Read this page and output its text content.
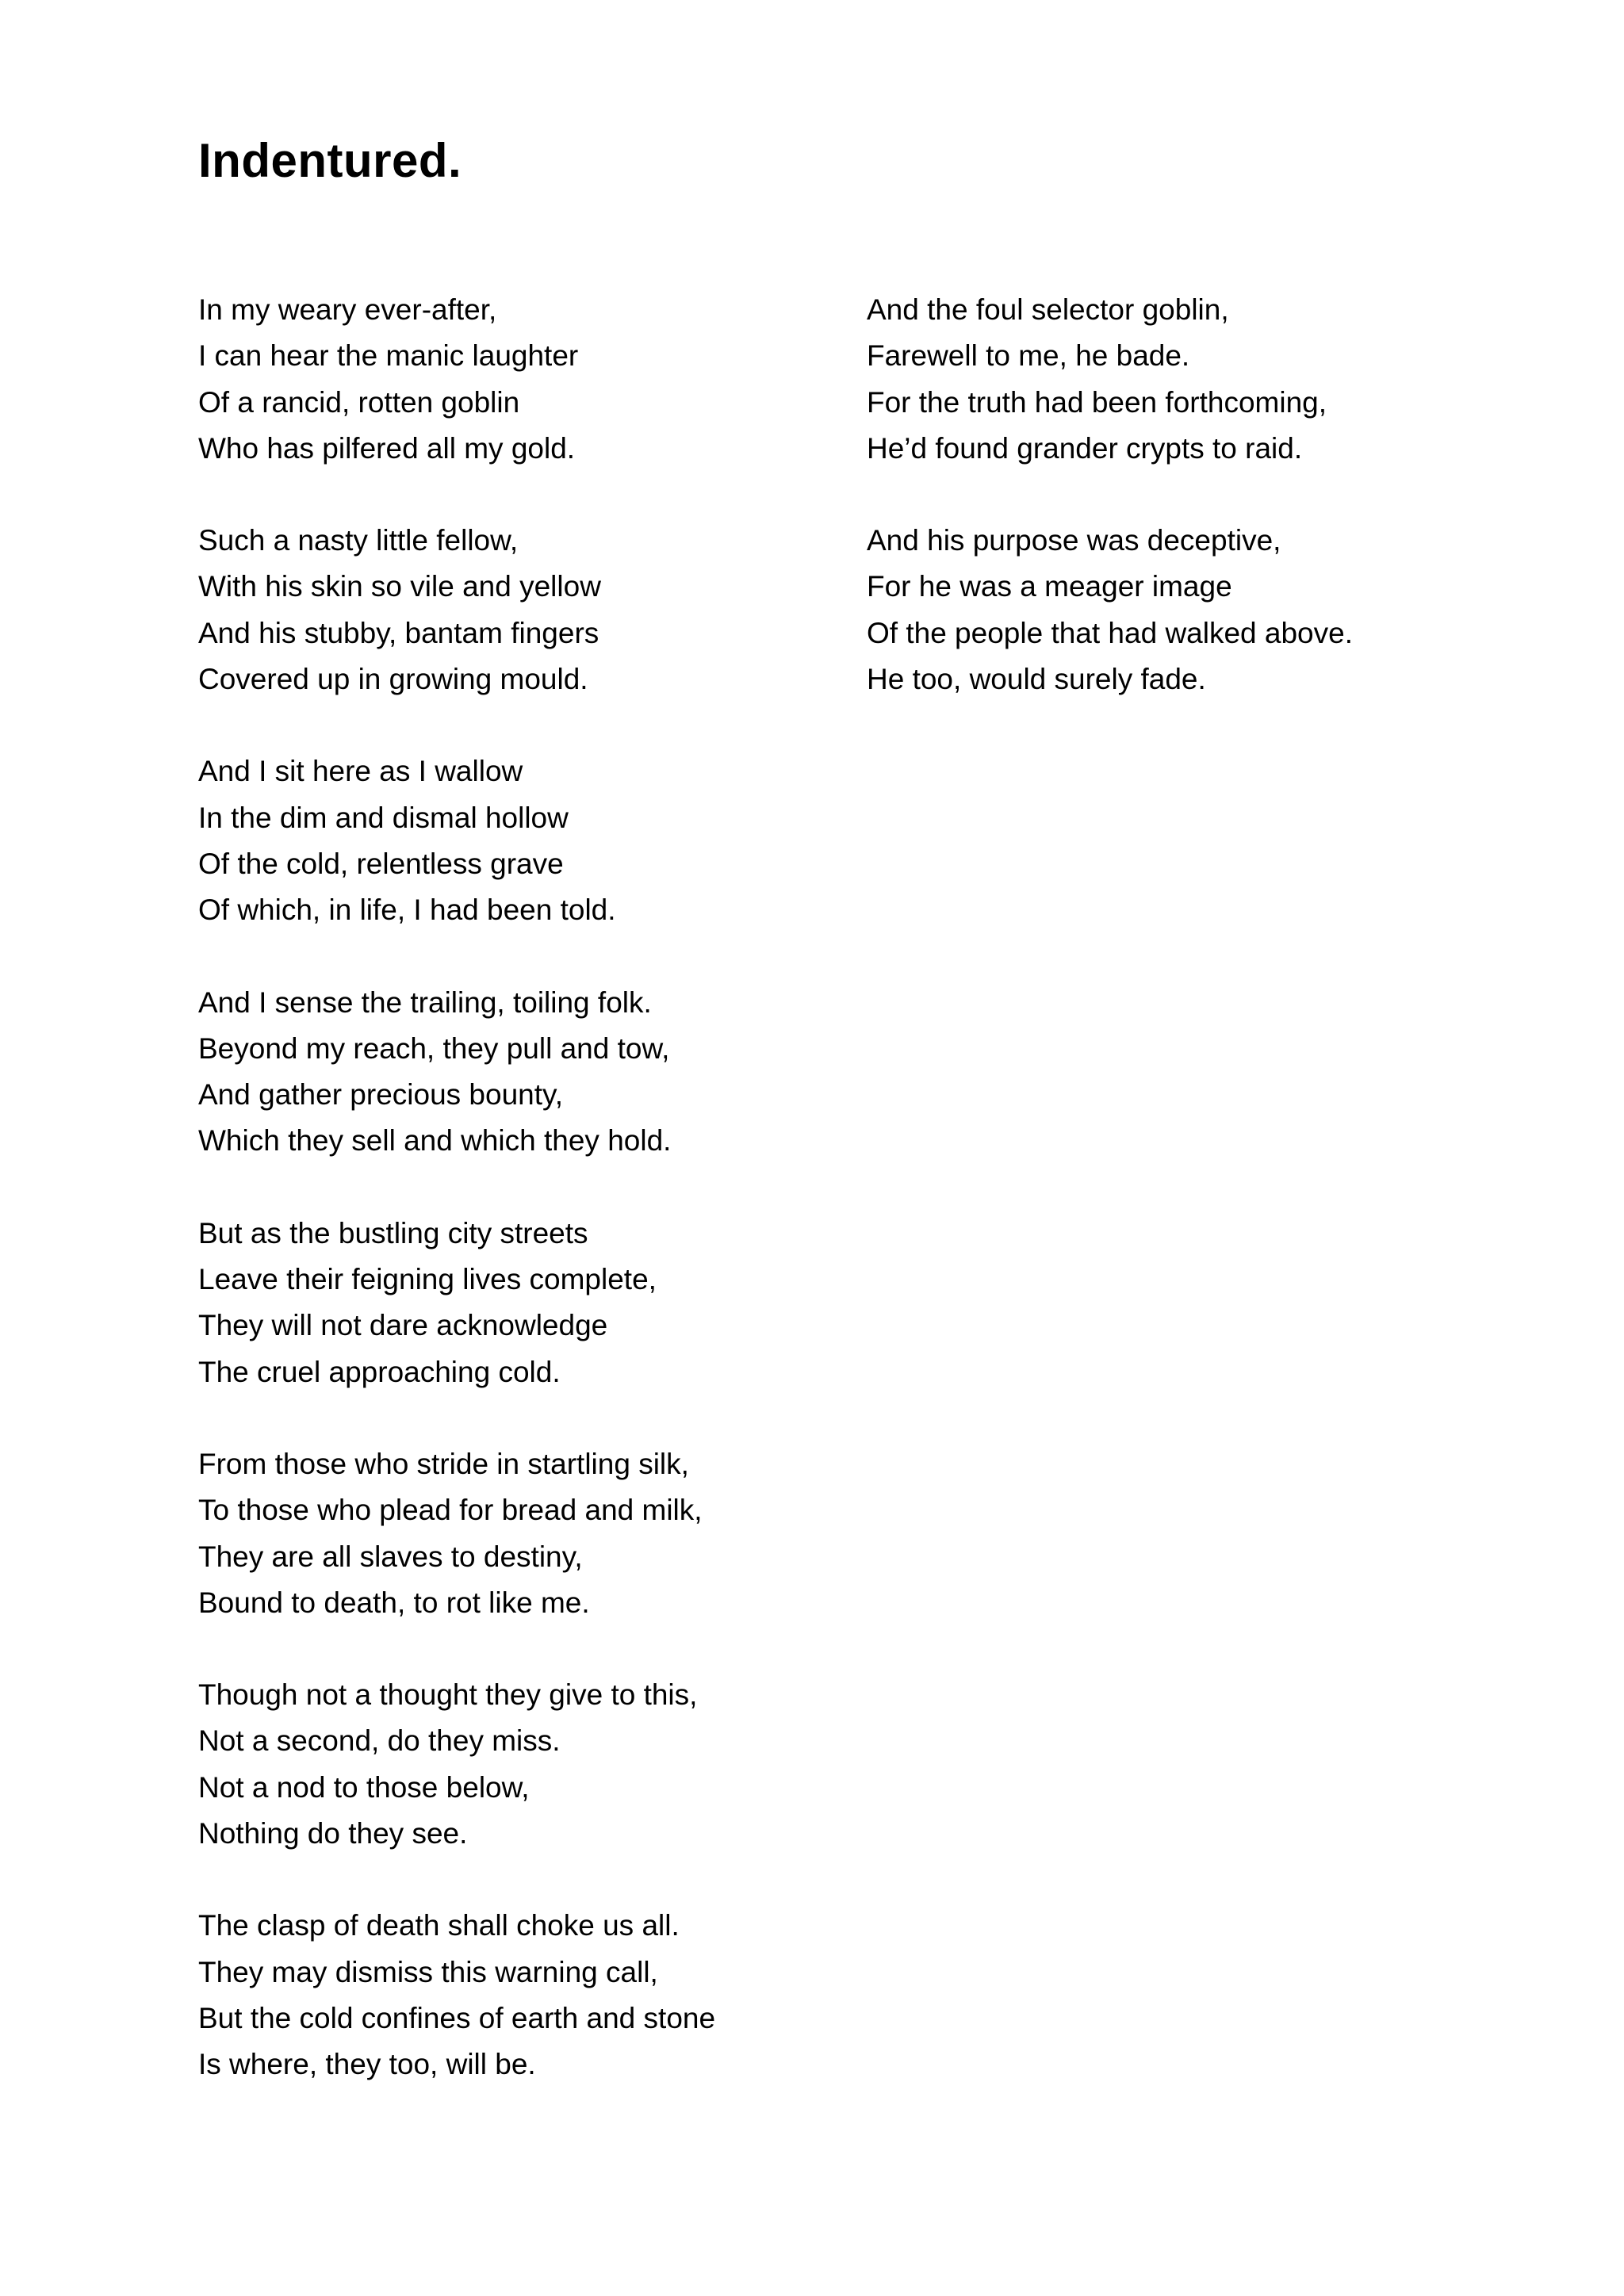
Indentured.
In my weary ever-after,
I can hear the manic laughter
Of a rancid, rotten goblin
Who has pilfered all my gold.
Such a nasty little fellow,
With his skin so vile and yellow
And his stubby, bantam fingers
Covered up in growing mould.
And I sit here as I wallow
In the dim and dismal hollow
Of the cold, relentless grave
Of which, in life, I had been told.
And I sense the trailing, toiling folk.
Beyond my reach, they pull and tow,
And gather precious bounty,
Which they sell and which they hold.
But as the bustling city streets
Leave their feigning lives complete,
They will not dare acknowledge
The cruel approaching cold.
From those who stride in startling silk,
To those who plead for bread and milk,
They are all slaves to destiny,
Bound to death, to rot like me.
Though not a thought they give to this,
Not a second, do they miss.
Not a nod to those below,
Nothing do they see.
The clasp of death shall choke us all.
They may dismiss this warning call,
But the cold confines of earth and stone
Is where, they too, will be.
And the foul selector goblin,
Farewell to me, he bade.
For the truth had been forthcoming,
He’d found grander crypts to raid.
And his purpose was deceptive,
For he was a meager image
Of the people that had walked above.
He too, would surely fade.
